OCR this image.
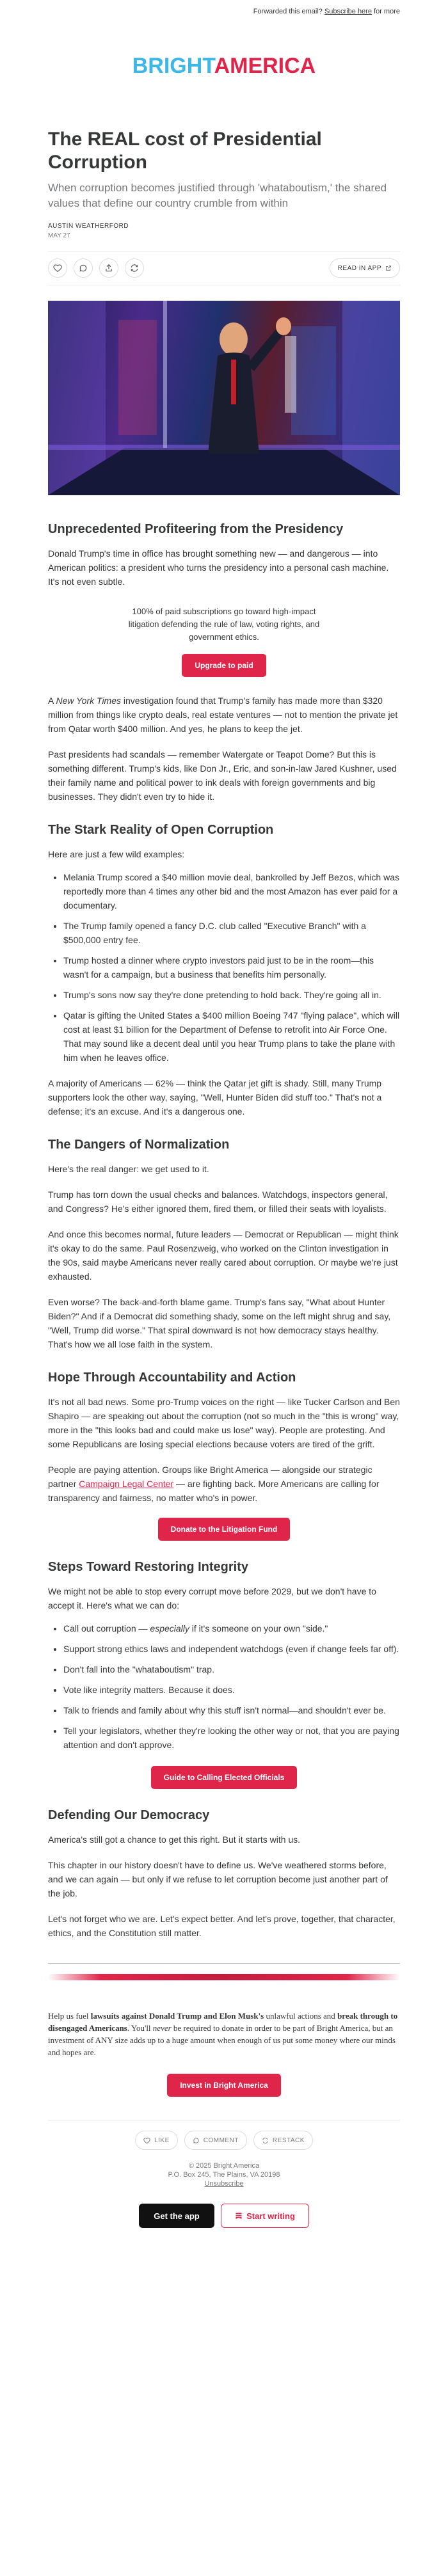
Forwarded this email? Subscribe here for more
BRIGHTAMERICA
The REAL cost of Presidential Corruption
When corruption becomes justified through 'whataboutism,' the shared values that define our country crumble from within
AUSTIN WEATHERFORD
MAY 27
READ IN APP
Unprecedented Profiteering from the Presidency

Donald Trump's time in office has brought something new — and dangerous — into American politics: a president who turns the presidency into a personal cash machine. It's not even subtle.

100% of paid subscriptions go toward high-impact litigation defending the rule of law, voting rights, and government ethics.

Upgrade to paid

A New York Times investigation found that Trump's family has made more than $320 million from things like crypto deals, real estate ventures — not to mention the private jet from Qatar worth $400 million. And yes, he plans to keep the jet.

Past presidents had scandals — remember Watergate or Teapot Dome? But this is something different. Trump's kids, like Don Jr., Eric, and son-in-law Jared Kushner, used their family name and political power to ink deals with foreign governments and big businesses. They didn't even try to hide it.

The Stark Reality of Open Corruption

Here are just a few wild examples:

• Melania Trump scored a $40 million movie deal, bankrolled by Jeff Bezos, which was reportedly more than 4 times any other bid and the most Amazon has ever paid for a documentary.
• The Trump family opened a fancy D.C. club called "Executive Branch" with a $500,000 entry fee.
• Trump hosted a dinner where crypto investors paid just to be in the room—this wasn't for a campaign, but a business that benefits him personally.
• Trump's sons now say they're done pretending to hold back. They're going all in.
• Qatar is gifting the United States a $400 million Boeing 747 "flying palace", which will cost at least $1 billion for the Department of Defense to retrofit into Air Force One. That may sound like a decent deal until you hear Trump plans to take the plane with him when he leaves office.

A majority of Americans — 62% — think the Qatar jet gift is shady. Still, many Trump supporters look the other way, saying, "Well, Hunter Biden did stuff too." That's not a defense; it's an excuse. And it's a dangerous one.

The Dangers of Normalization

Here's the real danger: we get used to it.

Trump has torn down the usual checks and balances. Watchdogs, inspectors general, and Congress? He's either ignored them, fired them, or filled their seats with loyalists.

And once this becomes normal, future leaders — Democrat or Republican — might think it's okay to do the same. Paul Rosenzweig, who worked on the Clinton investigation in the 90s, said maybe Americans never really cared about corruption. Or maybe we're just exhausted.

Even worse? The back-and-forth blame game. Trump's fans say, "What about Hunter Biden?" And if a Democrat did something shady, some on the left might shrug and say, "Well, Trump did worse." That spiral downward is not how democracy stays healthy. That's how we all lose faith in the system.

Hope Through Accountability and Action

It's not all bad news. Some pro-Trump voices on the right — like Tucker Carlson and Ben Shapiro — are speaking out about the corruption (not so much in the "this is wrong" way, more in the "this looks bad and could make us lose" way). People are protesting. And some Republicans are losing special elections because voters are tired of the grift.

People are paying attention. Groups like Bright America — alongside our strategic partner Campaign Legal Center — are fighting back. More Americans are calling for transparency and fairness, no matter who's in power.

Donate to the Litigation Fund
Steps Toward Restoring Integrity

We might not be able to stop every corrupt move before 2029, but we don't have to accept it. Here's what we can do:

• Call out corruption — especially if it's someone on your own "side."
• Support strong ethics laws and independent watchdogs (even if change feels far off).
• Don't fall into the "whataboutism" trap.
• Vote like integrity matters. Because it does.
• Talk to friends and family about why this stuff isn't normal—and shouldn't ever be.
• Tell your legislators, whether they're looking the other way or not, that you are paying attention and don't approve.
Guide to Calling Elected Officials
Defending Our Democracy

America's still got a chance to get this right. But it starts with us.

This chapter in our history doesn't have to define us. We've weathered storms before, and we can again — but only if we refuse to let corruption become just another part of the job.

Let's not forget who we are. Let's expect better. And let's prove, together, that character, ethics, and the Constitution still matter.

Help us fuel lawsuits against Donald Trump and Elon Musk's unlawful actions and break through to disengaged Americans. You'll never be required to donate in order to be part of Bright America, but an investment of ANY size adds up to a huge amount when enough of us put some money where our minds and hopes are.

Invest in Bright America
LIKE	COMMENT	RESTACK
© 2025 Bright America
P.O. Box 245, The Plains, VA 20198
Unsubscribe
Get the app	Start writing
